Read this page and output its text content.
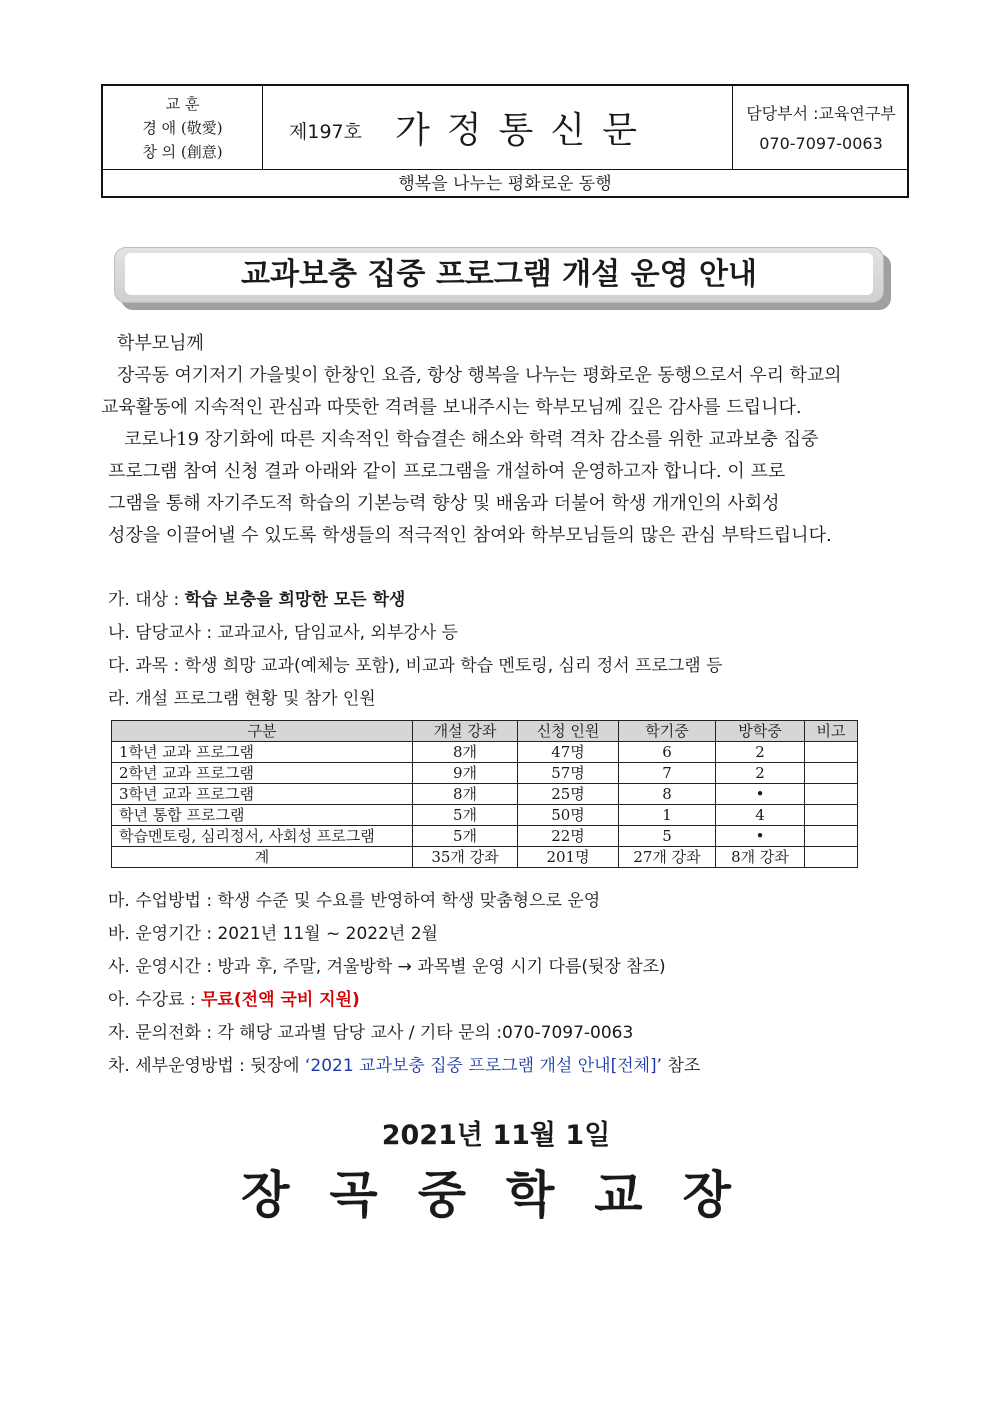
교 훈
경 애 (敬愛)
창 의 (創意)
제197호 가정통신문	담당부서 :교육연구부
070-7097-0063
행복을 나누는 평화로운 동행
교과보충 집중 프로그램 개설 운영 안내
학부모님께
장곡동 여기저기 가을빛이 한창인 요즘, 항상 행복을 나누는 평화로운 동행으로서 우리 학교의
교육활동에 지속적인 관심과 따뜻한 격려를 보내주시는 학부모님께 깊은 감사를 드립니다.
코로나19 장기화에 따른 지속적인 학습결손 해소와 학력 격차 감소를 위한 교과보충 집중
프로그램 참여 신청 결과 아래와 같이 프로그램을 개설하여 운영하고자 합니다. 이 프로
그램을 통해 자기주도적 학습의 기본능력 향상 및 배움과 더불어 학생 개개인의 사회성
성장을 이끌어낼 수 있도록 학생들의 적극적인 참여와 학부모님들의 많은 관심 부탁드립니다.
가. 대상 : 학습 보충을 희망한 모든 학생
나. 담당교사 : 교과교사, 담임교사, 외부강사 등
다. 과목 : 학생 희망 교과(예체능 포함), 비교과 학습 멘토링, 심리 정서 프로그램 등
라. 개설 프로그램 현황 및 참가 인원
구분	개설 강좌	신청 인원	학기중	방학중	비고
1학년 교과 프로그램	8개	47명	6	2	
2학년 교과 프로그램	9개	57명	7	2	
3학년 교과 프로그램	8개	25명	8	•	
학년 통합 프로그램	5개	50명	1	4	
학습멘토링, 심리정서, 사회성 프로그램	5개	22명	5	•	
계	35개 강좌	201명	27개 강좌	8개 강좌	
마. 수업방법 : 학생 수준 및 수요를 반영하여 학생 맞춤형으로 운영
바. 운영기간 : 2021년 11월 ~ 2022년 2월
사. 운영시간 : 방과 후, 주말, 겨울방학 → 과목별 운영 시기 다름(뒷장 참조)
아. 수강료 : 무료(전액 국비 지원)
자. 문의전화 : 각 해당 교과별 담당 교사 / 기타 문의 :070-7097-0063
차. 세부운영방법 : 뒷장에 ‘2021 교과보충 집중 프로그램 개설 안내[전체]’ 참조
2021년 11월 1일
장곡중학교장
